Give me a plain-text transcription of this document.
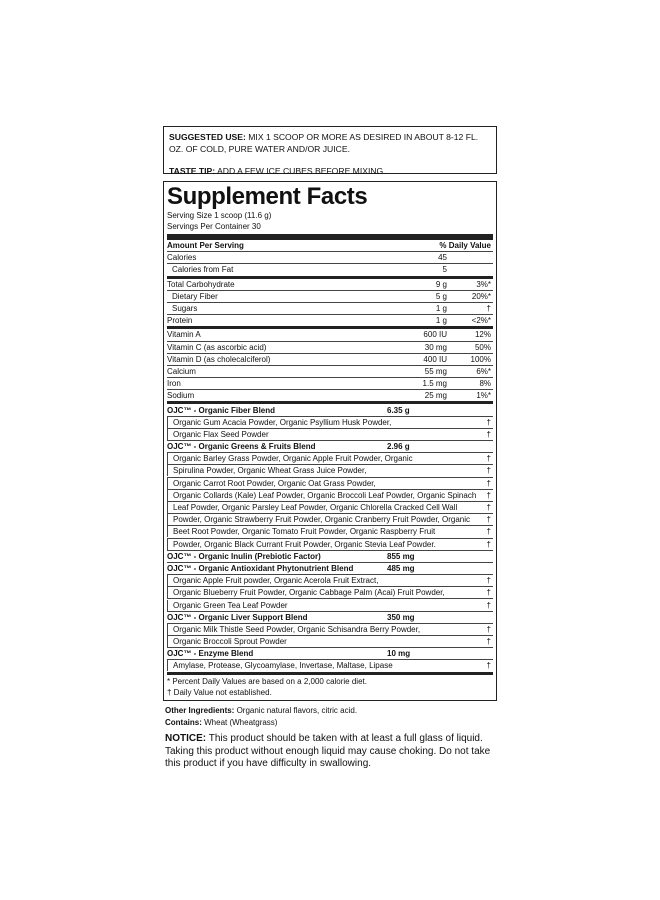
SUGGESTED USE: MIX 1 SCOOP OR MORE AS DESIRED IN ABOUT 8-12 FL. OZ. OF COLD, PURE WATER AND/OR JUICE.

TASTE TIP: ADD A FEW ICE CUBES BEFORE MIXING.

Supplement Facts
Serving Size 1 scoop (11.6 g)
Servings Per Container 30
Amount Per Serving	% Daily Value
Calories	45
Calories from Fat	5
Total Carbohydrate	9 g	3%*
Dietary Fiber	5 g	20%*
Sugars	1 g	†
Protein	1 g	<2%*
Vitamin A	600 IU	12%
Vitamin C (as ascorbic acid)	30 mg	50%
Vitamin D (as cholecalciferol)	400 IU	100%
Calcium	55 mg	6%*
Iron	1.5 mg	8%
Sodium	25 mg	1%*
OJC™ - Organic Fiber Blend	6.35 g
Organic Gum Acacia Powder, Organic Psyllium Husk Powder,	†
Organic Flax Seed Powder	†
OJC™ - Organic Greens & Fruits Blend	2.96 g
Organic Barley Grass Powder, Organic Apple Fruit Powder, Organic	†
Spirulina Powder, Organic Wheat Grass Juice Powder,	†
Organic Carrot Root Powder, Organic Oat Grass Powder,	†
Organic Collards (Kale) Leaf Powder, Organic Broccoli Leaf Powder, Organic Spinach	†
Leaf Powder, Organic Parsley Leaf Powder, Organic Chlorella Cracked Cell Wall	†
Powder, Organic Strawberry Fruit Powder, Organic Cranberry Fruit Powder, Organic	†
Beet Root Powder, Organic Tomato Fruit Powder, Organic Raspberry Fruit	†
Powder, Organic Black Currant Fruit Powder, Organic Stevia Leaf Powder.	†
OJC™ - Organic Inulin (Prebiotic Factor)	855 mg
OJC™ - Organic Antioxidant Phytonutrient Blend	485 mg
Organic Apple Fruit powder, Organic Acerola Fruit Extract,	†
Organic Blueberry Fruit Powder, Organic Cabbage Palm (Acai) Fruit Powder,	†
Organic Green Tea Leaf Powder	†
OJC™ - Organic Liver Support Blend	350 mg
Organic Milk Thistle Seed Powder, Organic Schisandra Berry Powder,	†
Organic Broccoli Sprout Powder	†
OJC™ - Enzyme Blend	10 mg
Amylase, Protease, Glycoamylase, Invertase, Maltase, Lipase	†
* Percent Daily Values are based on a 2,000 calorie diet.
† Daily Value not established.
Other Ingredients: Organic natural flavors, citric acid.
Contains: Wheat (Wheatgrass)
NOTICE: This product should be taken with at least a full glass of liquid. Taking this product without enough liquid may cause choking. Do not take this product if you have difficulty in swallowing.
